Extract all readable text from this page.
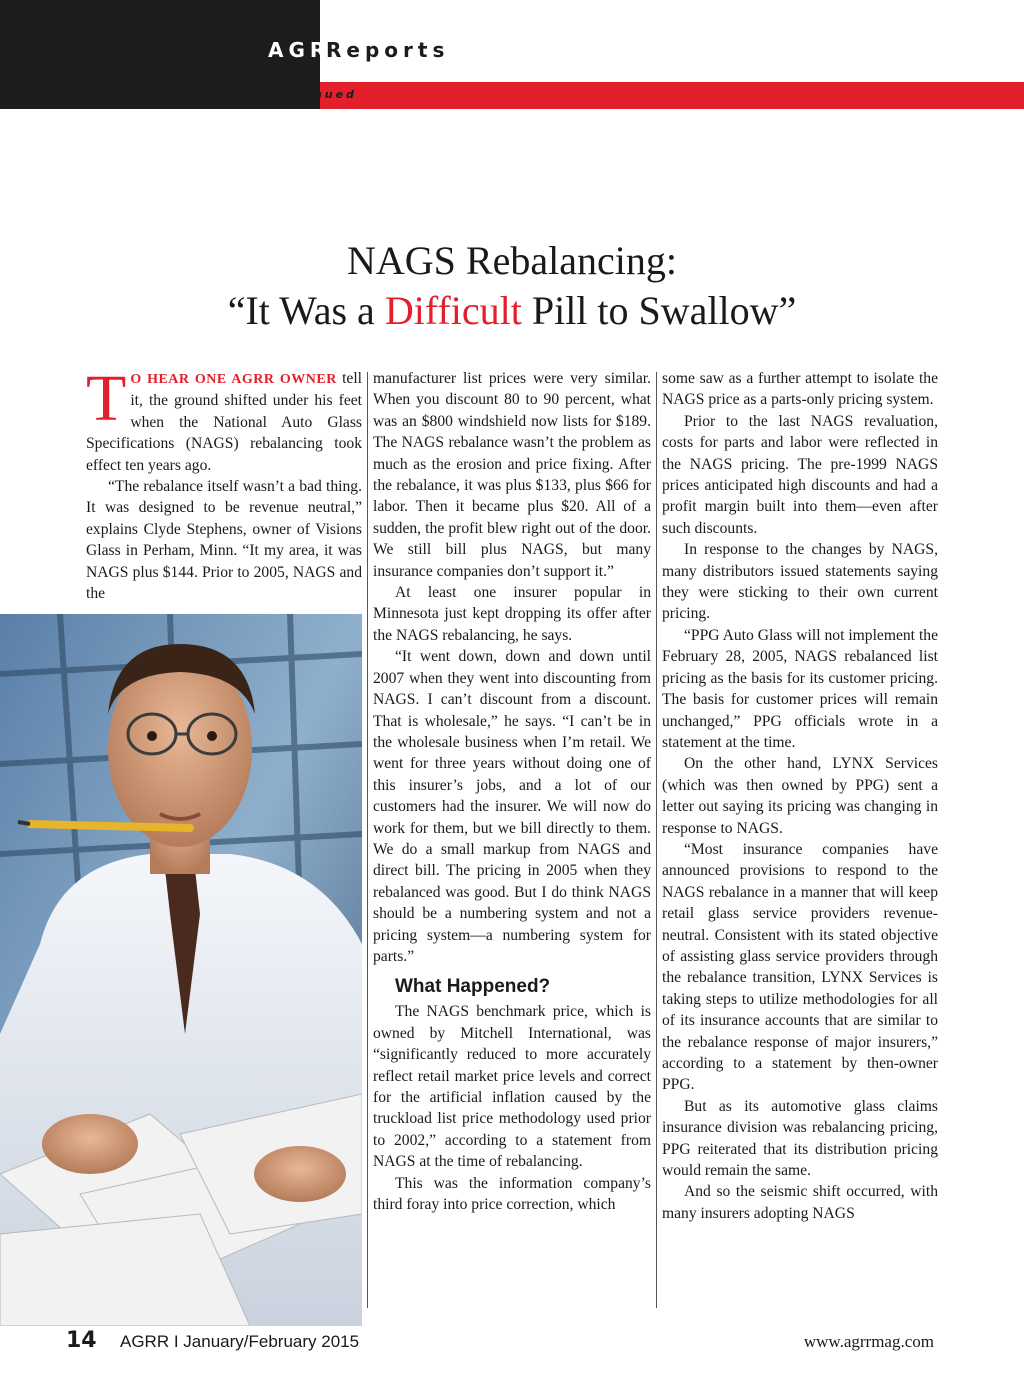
AGR
Reports
continued
NAGS Rebalancing:
“It Was a Difficult Pill to Swallow”

T O HEAR ONE AGRR OWNER tell it, the ground shifted under his feet when the National Auto Glass Specifications (NAGS) rebalancing took effect ten years ago.

“The rebalance itself wasn’t a bad thing. It was designed to be revenue neutral,” explains Clyde Stephens, owner of Visions Glass in Perham, Minn. “It my area, it was NAGS plus $144. Prior to 2005, NAGS and the

manufacturer list prices were very similar. When you discount 80 to 90 percent, what was an $800 windshield now lists for $189. The NAGS rebalance wasn’t the problem as much as the erosion and price fixing. After the rebalance, it was plus $133, plus $66 for labor. Then it became plus $20. All of a sudden, the profit blew right out of the door. We still bill plus NAGS, but many insurance companies don’t support it.”

At least one insurer popular in Minnesota just kept dropping its offer after the NAGS rebalancing, he says.

“It went down, down and down until 2007 when they went into discounting from NAGS. I can’t discount from a discount. That is wholesale,” he says. “I can’t be in the wholesale business when I’m retail. We went for three years without doing one of this insurer’s jobs, and a lot of our customers had the insurer. We will now do work for them, but we bill directly to them. We do a small markup from NAGS and direct bill. The pricing in 2005 when they rebalanced was good. But I do think NAGS should be a numbering system and not a pricing system—a numbering system for parts.”

What Happened?

The NAGS benchmark price, which is owned by Mitchell International, was “significantly reduced to more accurately reflect retail market price levels and correct for the artificial inflation caused by the truckload list price methodology used prior to 2002,” according to a statement from NAGS at the time of rebalancing.

This was the information company’s third foray into price correction, which

some saw as a further attempt to isolate the NAGS price as a parts-only pricing system.

Prior to the last NAGS revaluation, costs for parts and labor were reflected in the NAGS pricing. The pre-1999 NAGS prices anticipated high discounts and had a profit margin built into them—even after such discounts.

In response to the changes by NAGS, many distributors issued statements saying they were sticking to their own current pricing.

“PPG Auto Glass will not implement the February 28, 2005, NAGS rebalanced list pricing as the basis for its customer pricing. The basis for customer prices will remain unchanged,” PPG officials wrote in a statement at the time.

On the other hand, LYNX Services (which was then owned by PPG) sent a letter out saying its pricing was changing in response to NAGS.

“Most insurance companies have announced provisions to respond to the NAGS rebalance in a manner that will keep retail glass service providers revenue-neutral. Consistent with its stated objective of assisting glass service providers through the rebalance transition, LYNX Services is taking steps to utilize methodologies for all of its insurance accounts that are similar to the rebalance response of major insurers,” according to a statement by then-owner PPG.

But as its automotive glass claims insurance division was rebalancing pricing, PPG reiterated that its distribution pricing would remain the same.

And so the seismic shift occurred, with many insurers adopting NAGS

14 AGRR I January/February 2015	www.agrrmag.com
